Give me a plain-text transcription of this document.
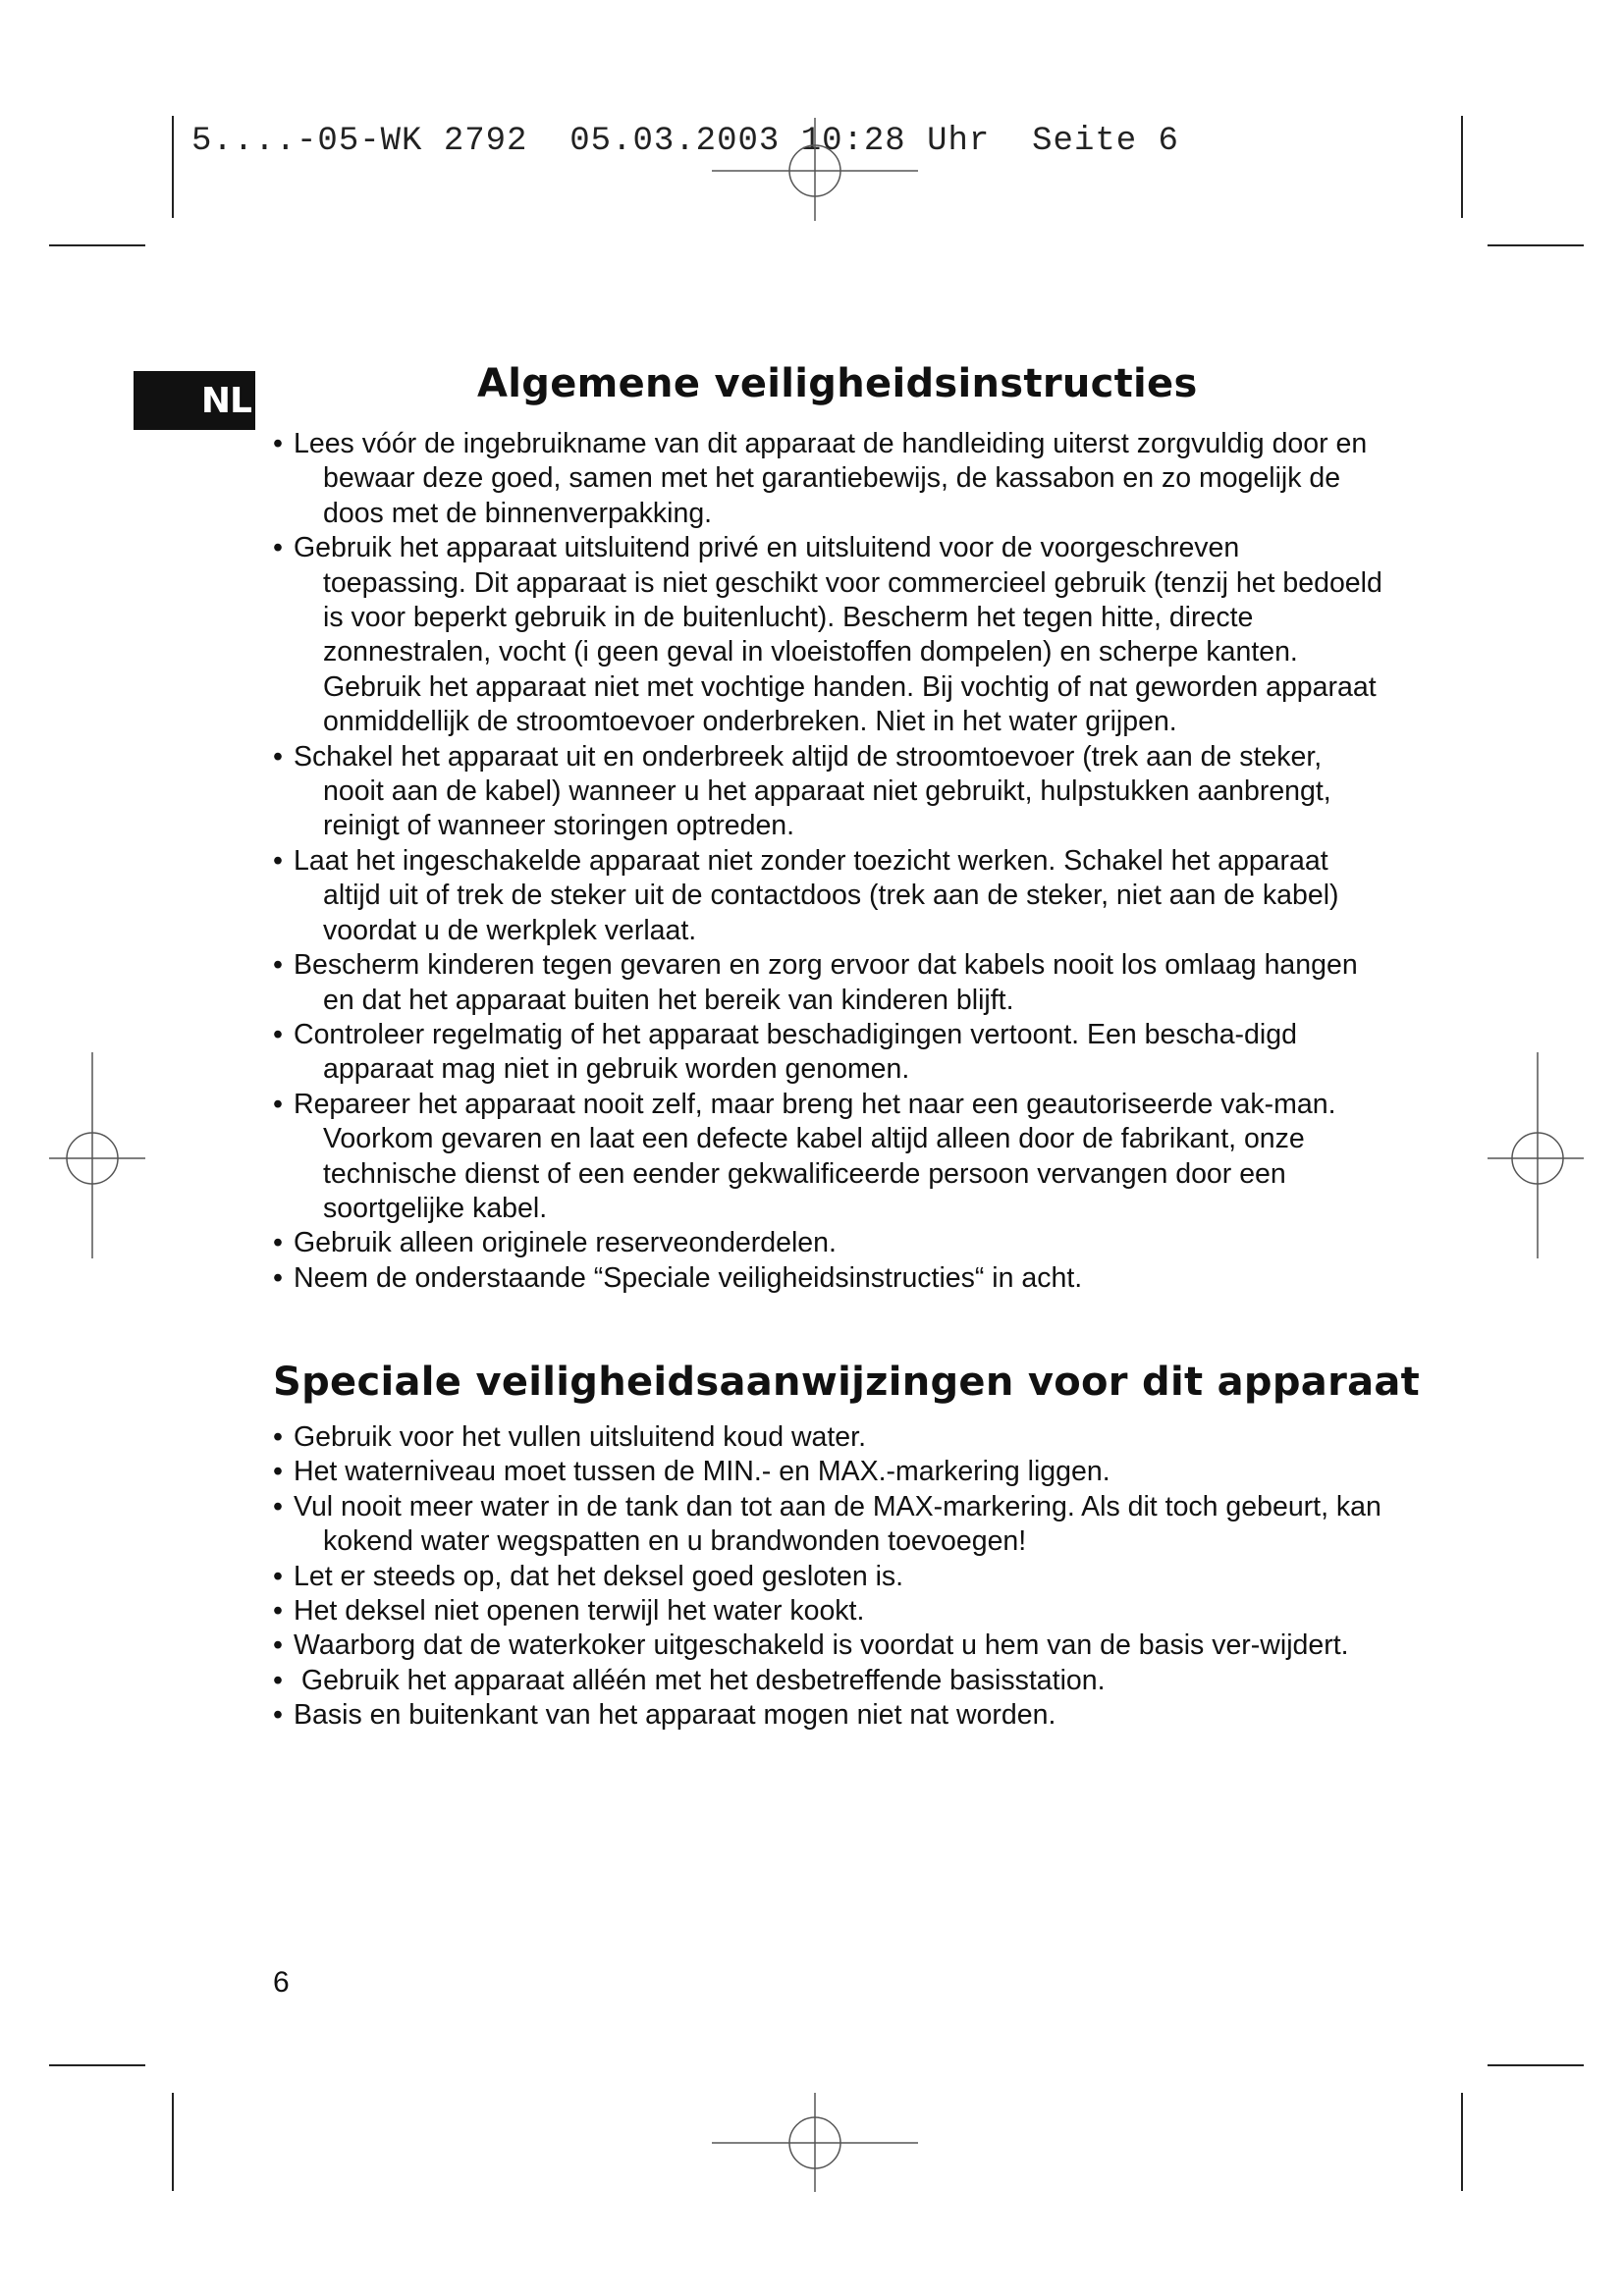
5....-05-WK 2792  05.03.2003 10:28 Uhr  Seite 6
NL	Algemene veiligheidsinstructies
• Lees vóór de ingebruikname van dit apparaat de handleiding uiterst zorgvuldig door en bewaar deze goed, samen met het garantiebewijs, de kassabon en zo mogelijk de doos met de binnenverpakking.
• Gebruik het apparaat uitsluitend privé en uitsluitend voor de voorgeschreven toepassing. Dit apparaat is niet geschikt voor commercieel gebruik (tenzij het bedoeld is voor beperkt gebruik in de buitenlucht). Bescherm het tegen hitte, directe zonnestralen, vocht (i geen geval in vloeistoffen dompelen) en scherpe kanten. Gebruik het apparaat niet met vochtige handen. Bij vochtig of nat geworden apparaat onmiddellijk de stroomtoevoer onderbreken. Niet in het water grijpen.
• Schakel het apparaat uit en onderbreek altijd de stroomtoevoer (trek aan de steker, nooit aan de kabel) wanneer u het apparaat niet gebruikt, hulpstukken aanbrengt, reinigt of wanneer storingen optreden.
• Laat het ingeschakelde apparaat niet zonder toezicht werken. Schakel het apparaat altijd uit of trek de steker uit de contactdoos (trek aan de steker, niet aan de kabel) voordat u de werkplek verlaat.
• Bescherm kinderen tegen gevaren en zorg ervoor dat kabels nooit los omlaag hangen en dat het apparaat buiten het bereik van kinderen blijft.
• Controleer regelmatig of het apparaat beschadigingen vertoont. Een bescha-digd apparaat mag niet in gebruik worden genomen.
• Repareer het apparaat nooit zelf, maar breng het naar een geautoriseerde vak-man. Voorkom gevaren en laat een defecte kabel altijd alleen door de fabrikant, onze technische dienst of een eender gekwalificeerde persoon vervangen door een soortgelijke kabel.
• Gebruik alleen originele reserveonderdelen.
• Neem de onderstaande “Speciale veiligheidsinstructies“ in acht.
Speciale veiligheidsaanwijzingen voor dit apparaat
• Gebruik voor het vullen uitsluitend koud water.
• Het waterniveau moet tussen de MIN.- en MAX.-markering liggen.
• Vul nooit meer water in de tank dan tot aan de MAX-markering. Als dit toch gebeurt, kan kokend water wegspatten en u brandwonden toevoegen!
• Let er steeds op, dat het deksel goed gesloten is.
• Het deksel niet openen terwijl het water kookt.
• Waarborg dat de waterkoker uitgeschakeld is voordat u hem van de basis ver-wijdert.
• Gebruik het apparaat alléén met het desbetreffende basisstation.
• Basis en buitenkant van het apparaat mogen niet nat worden.
6
